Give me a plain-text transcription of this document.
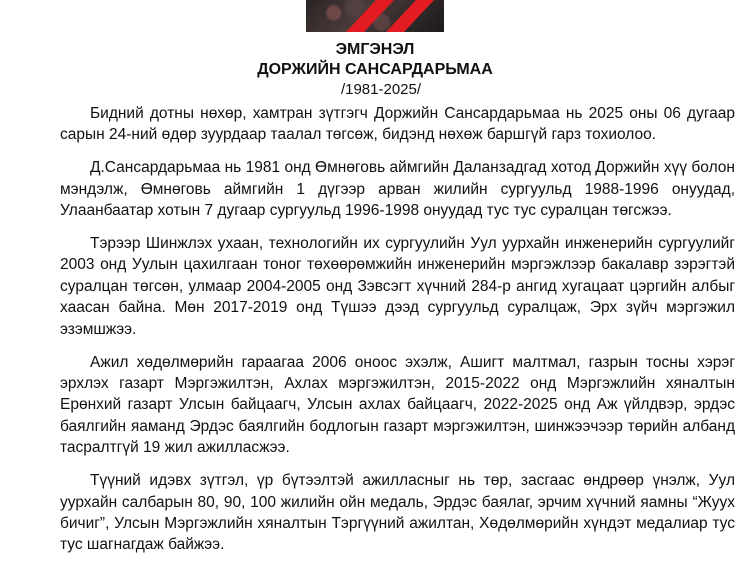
ЭМГЭНЭЛ
ДОРЖИЙН САНСАРДАРЬМАА
/1981-2025/

Бидний дотны нөхөр, хамтран зүтгэгч Доржийн Сансардарьмаа нь 2025 оны 06 дугаар сарын 24-ний өдөр зуурдаар таалал төгсөж, бидэнд нөхөж баршгүй гарз тохиолоо.

Д.Сансардарьмаа нь 1981 онд Өмнөговь аймгийн Даланзадгад хотод Доржийн хүү болон мэндэлж, Өмнөговь аймгийн 1 дүгээр арван жилийн сургуульд 1988-1996 онуудад, Улаанбаатар хотын 7 дугаар сургуульд 1996-1998 онуудад тус тус суралцан төгсжээ.

Тэрээр Шинжлэх ухаан, технологийн их сургуулийн Уул уурхайн инженерийн сургуулийг 2003 онд Уулын цахилгаан тоног төхөөрөмжийн инженерийн мэргэжлээр бакалавр зэрэгтэй суралцан төгсөн, улмаар 2004-2005 онд Зэвсэгт хүчний 284-р ангид хугацаат цэргийн албыг хаасан байна. Мөн 2017-2019 онд Түшээ дээд сургуульд суралцаж, Эрх зүйч мэргэжил эзэмшжээ.

Ажил хөдөлмөрийн гараагаа 2006 оноос эхэлж, Ашигт малтмал, газрын тосны хэрэг эрхлэх газарт Мэргэжилтэн, Ахлах мэргэжилтэн, 2015-2022 онд Мэргэжлийн хяналтын Ерөнхий газарт Улсын байцаагч, Улсын ахлах байцаагч, 2022-2025 онд Аж үйлдвэр, эрдэс баялгийн яаманд Эрдэс баялгийн бодлогын газарт мэргэжилтэн, шинжээчээр төрийн албанд тасралтгүй 19 жил ажилласжээ.

Түүний идэвх зүтгэл, үр бүтээлтэй ажилласныг нь төр, засгаас өндрөөр үнэлж, Уул уурхайн салбарын 80, 90, 100 жилийн ойн медаль, Эрдэс баялаг, эрчим хүчний яамны “Жууx бичиг”, Улсын Мэргэжлийн хяналтын Тэргүүний ажилтан, Хөдөлмөрийн хүндэт медалиар тус тус шагнагдаж байжээ.
